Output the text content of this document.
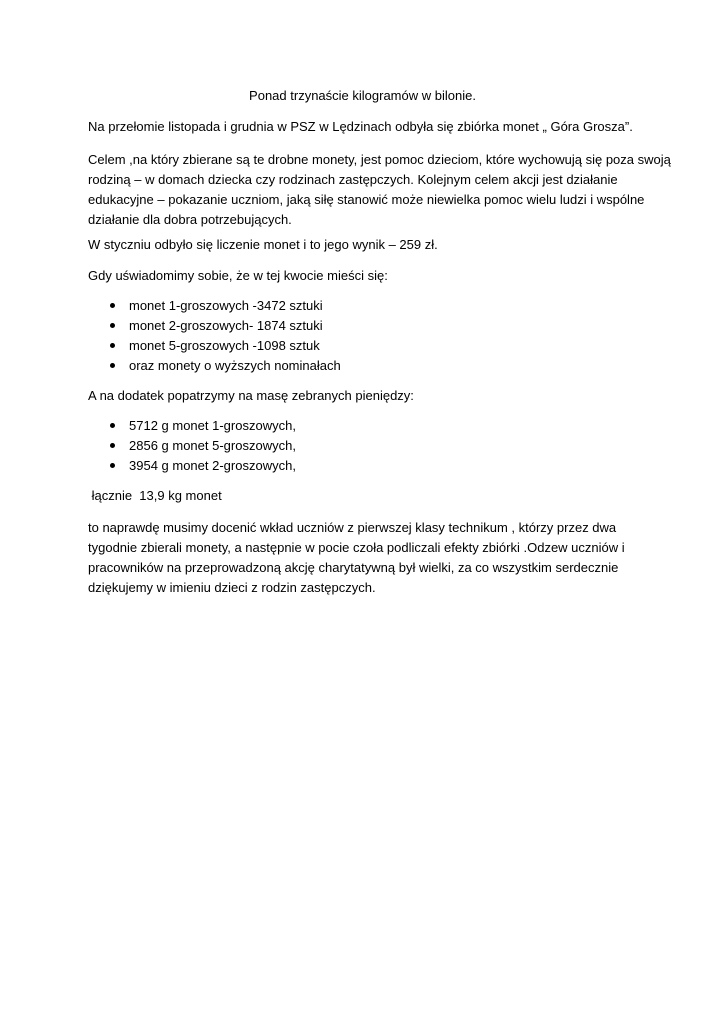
Ponad trzynaście kilogramów w bilonie.
Na przełomie listopada i grudnia w PSZ w Lędzinach odbyła się zbiórka monet „ Góra Grosza”.
Celem ,na który zbierane są te drobne monety, jest pomoc dzieciom, które wychowują się poza swoją
rodziną – w domach dziecka czy rodzinach zastępczych. Kolejnym celem akcji jest działanie
edukacyjne – pokazanie uczniom, jaką siłę stanowić może niewielka pomoc wielu ludzi i wspólne
działanie dla dobra potrzebujących.
W styczniu odbyło się liczenie monet i to jego wynik – 259 zł.
Gdy uświadomimy sobie, że w tej kwocie mieści się:
monet 1-groszowych -3472 sztuki
monet 2-groszowych- 1874 sztuki
monet 5-groszowych -1098 sztuk
oraz monety o wyższych nominałach
A na dodatek popatrzymy na masę zebranych pieniędzy:
5712 g monet 1-groszowych,
2856 g monet 5-groszowych,
3954 g monet 2-groszowych,
łącznie  13,9 kg monet
to naprawdę musimy docenić wkład uczniów z pierwszej klasy technikum , którzy przez dwa
tygodnie zbierali monety, a następnie w pocie czoła podliczali efekty zbiórki .Odzew uczniów i
pracowników na przeprowadzoną akcję charytatywną był wielki, za co wszystkim serdecznie
dziękujemy w imieniu dzieci z rodzin zastępczych.
